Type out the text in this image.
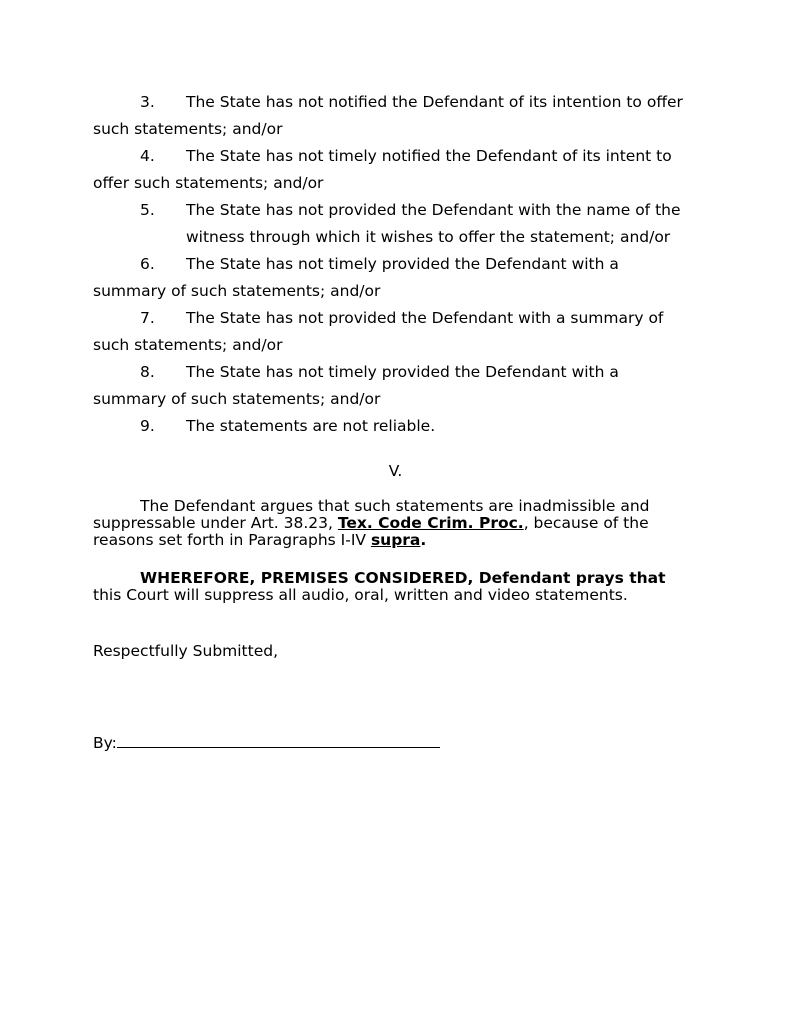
3. The State has not notified the Defendant of its intention to offer
such statements; and/or
4. The State has not timely notified the Defendant of its intent to
offer such statements; and/or
5. The State has not provided the Defendant with the name of the
witness through which it wishes to offer the statement; and/or
6. The State has not timely provided the Defendant with a
summary of such statements; and/or
7. The State has not provided the Defendant with a summary of
such statements; and/or
8. The State has not timely provided the Defendant with a
summary of such statements; and/or
9. The statements are not reliable.
V.
The Defendant argues that such statements are inadmissible and
suppressable under Art. 38.23, Tex. Code Crim. Proc., because of the
reasons set forth in Paragraphs I-IV supra.
WHEREFORE, PREMISES CONSIDERED, Defendant prays that
this Court will suppress all audio, oral, written and video statements.
Respectfully Submitted,
By:
